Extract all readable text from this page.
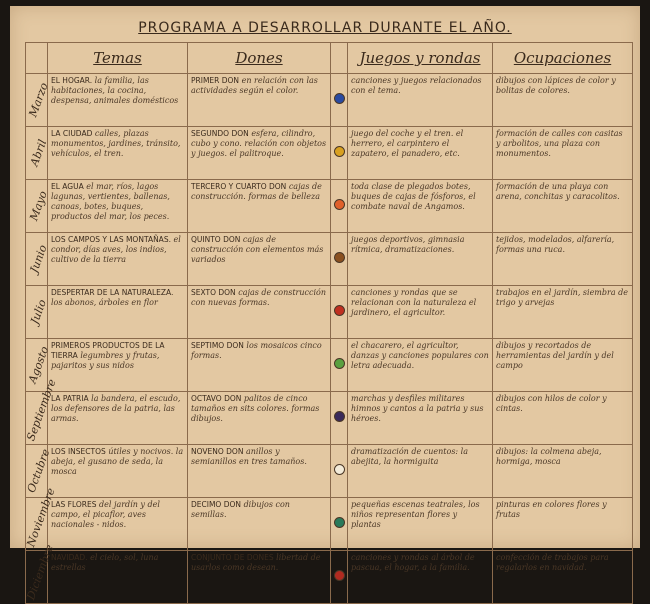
PROGRAMA A DESARROLLAR DURANTE EL AÑO.
	Temas	Dones		Juegos y rondas	Ocupaciones

Marzo	EL HOGAR. la familia, las habitaciones, la cocina, despensa, animales domésticos	PRIMER DON en relación con las actividades según el color.		canciones y juegos relacionados con el tema.	dibujos con lápices de color y bolitas de colores.

Abril	LA CIUDAD calles, plazas monumentos, jardines, tránsito, vehículos, el tren.	SEGUNDO DON esfera, cilindro, cubo y cono. relación con objetos y juegos. el palitroque.		juego del coche y el tren. el herrero, el carpintero el zapatero, el panadero, etc.	formación de calles con casitas y arbolitos, una plaza con monumentos.

Mayo	EL AGUA el mar, ríos, lagos lagunas, vertientes, ballenas, canoas, botes, buques, productos del mar, los peces.	TERCERO Y CUARTO DON cajas de construcción. formas de belleza		toda clase de plegados botes, buques de cajas de fósforos, el combate naval de Angamos.	formación de una playa con arena, conchitas y caracolitos.

Junio	LOS CAMPOS Y LAS MONTAÑAS. el condor, días aves, los indios, cultivo de la tierra	QUINTO DON cajas de construcción con elementos más variados		juegos deportivos, gimnasia rítmica, dramatizaciones.	tejidos, modelados, alfarería, formas una ruca.

Julio	DESPERTAR DE LA NATURALEZA. los abonos, árboles en flor	SEXTO DON cajas de construcción con nuevas formas.		canciones y rondas que se relacionan con la naturaleza el jardinero, el agricultor.	trabajos en el jardín, siembra de trigo y arvejas

Agosto	PRIMEROS PRODUCTOS DE LA TIERRA legumbres y frutas, pajaritos y sus nidos	SEPTIMO DON los mosaicos cinco formas.		el chacarero, el agricultor, danzas y canciones populares con letra adecuada.	dibujos y recortados de herramientas del jardín y del campo

Septiembre	LA PATRIA la bandera, el escudo, los defensores de la patria, las armas.	OCTAVO DON palitos de cinco tamaños en sits colores. formas dibujos.		marchas y desfiles militares himnos y cantos a la patria y sus héroes.	dibujos con hilos de color y cintas.

Octubre	LOS INSECTOS útiles y nocivos. la abeja, el gusano de seda, la mosca	NOVENO DON anillos y semianillos en tres tamaños.		dramatización de cuentos: la abejita, la hormiguita	dibujos: la colmena abeja, hormiga, mosca

Noviembre	LAS FLORES del jardín y del campo, el picaflor, aves nacionales - nidos.	DECIMO DON dibujos con semillas.		pequeñas escenas teatrales, los niños representan flores y plantas	pinturas en colores flores y frutas

Diciembre	NAVIDAD. el cielo, sol, luna estrellas	CONJUNTO DE DONES libertad de usarlos como desean.		canciones y rondas al árbol de pascua, el hogar, a la familia.	confección de trabajos para regalarlos en navidad.
